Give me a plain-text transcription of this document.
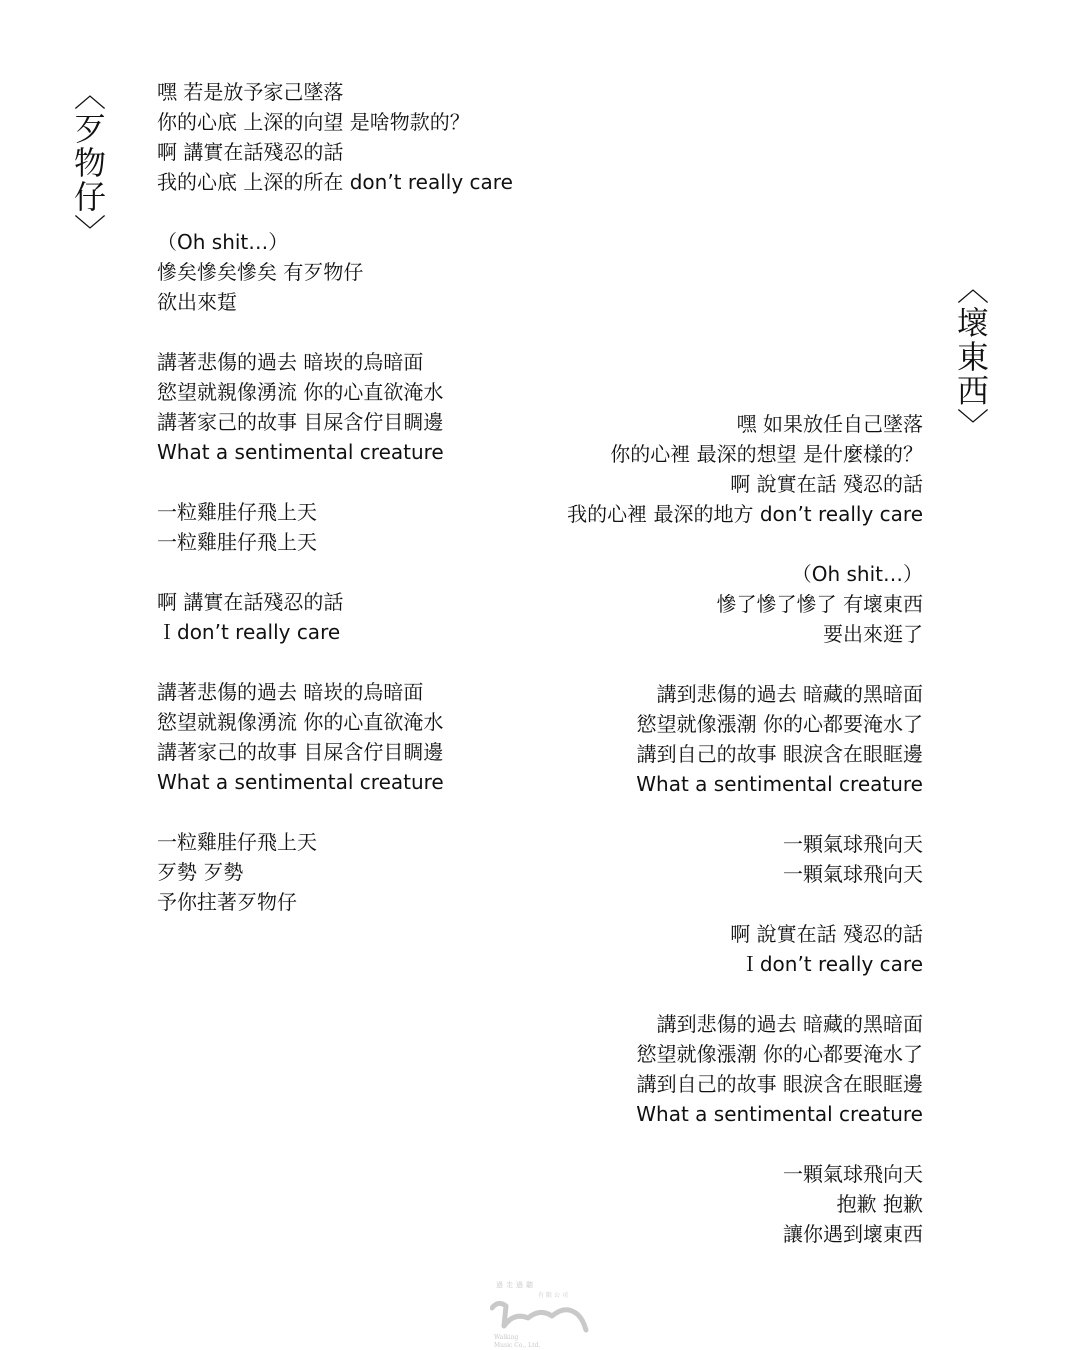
〈歹物仔〉	嘿 若是放予家己墜落
你的心底 上深的向望 是啥物款的？
啊 講實在話殘忍的話
我的心底 上深的所在 don’t really care
（Oh shit…）
慘矣慘矣慘矣 有歹物仔
欲出來踅
講著悲傷的過去 暗崁的烏暗面
慾望就親像湧流 你的心直欲淹水
講著家己的故事 目屎含佇目睭邊
What a sentimental creature
一粒雞胿仔飛上天
一粒雞胿仔飛上天
啊 講實在話殘忍的話
Ｉdon’t really care
講著悲傷的過去 暗崁的烏暗面
慾望就親像湧流 你的心直欲淹水
講著家己的故事 目屎含佇目睭邊
What a sentimental creature
一粒雞胿仔飛上天
歹勢 歹勢
予你拄著歹物仔
〈壞東西〉
嘿 如果放任自己墜落
你的心裡 最深的想望 是什麼樣的？
啊 說實在話 殘忍的話
我的心裡 最深的地方 don’t really care
（Oh shit…）
慘了慘了慘了 有壞東西
要出來逛了
講到悲傷的過去 暗藏的黑暗面
慾望就像漲潮 你的心都要淹水了
講到自己的故事 眼淚含在眼眶邊
What a sentimental creature
一顆氣球飛向天
一顆氣球飛向天
啊 說實在話 殘忍的話
Ｉdon’t really care
講到悲傷的過去 暗藏的黑暗面
慾望就像漲潮 你的心都要淹水了
講到自己的故事 眼淚含在眼眶邊
What a sentimental creature
一顆氣球飛向天
抱歉 抱歉
讓你遇到壞東西
過走過聽
有限公司
Walking
Music Co., Ltd.
